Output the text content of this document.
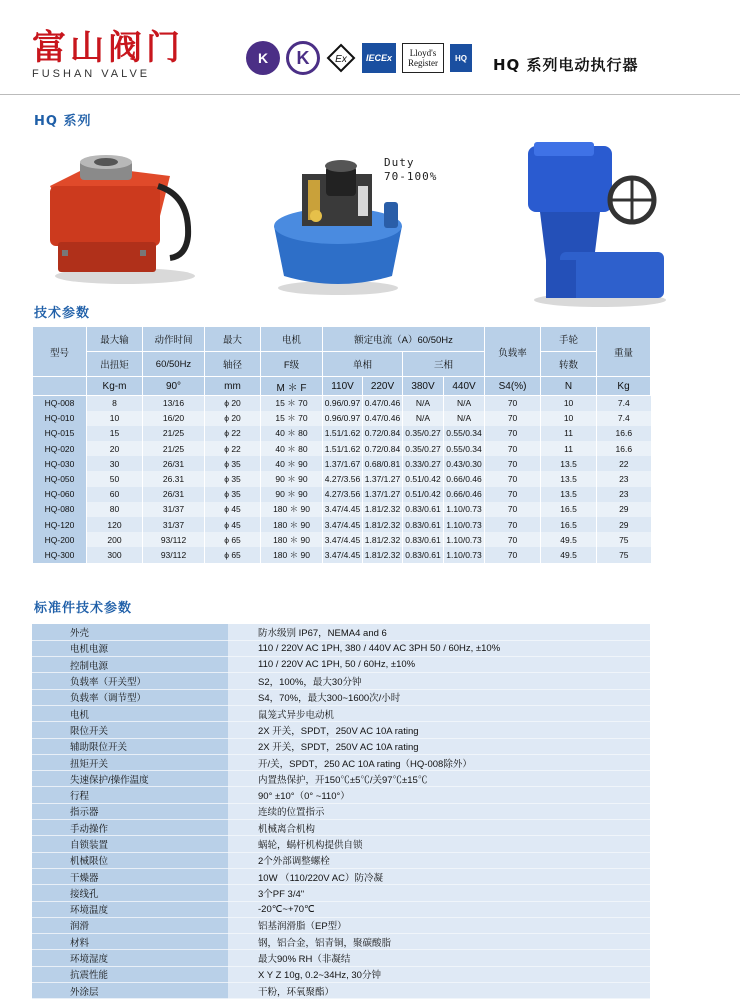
富山阀门
FUSHAN VALVE
K K	Ex	IECEx	Lloyd's
Register	HQ	HQ 系列电动执行器
HQ 系列
Duty
70-100%
技术参数
型号	最大输	动作时间	最大	电机	额定电流（A）60/50Hz				负载率	手轮	重量
	出扭矩	60/50Hz	轴径	F级	单相		三相			转数	
	Kg-m	90°	mm	M ＊ F	110V	220V	380V	440V	S4(%)	N	Kg
HQ-008	8	13/16	ϕ 20	15 ＊ 70	0.96/0.97	0.47/0.46	N/A	N/A	70	10	7.4
HQ-010	10	16/20	ϕ 20	15 ＊ 70	0.96/0.97	0.47/0.46	N/A	N/A	70	10	7.4
HQ-015	15	21/25	ϕ 22	40 ＊ 80	1.51/1.62	0.72/0.84	0.35/0.27	0.55/0.34	70	11	16.6
HQ-020	20	21/25	ϕ 22	40 ＊ 80	1.51/1.62	0.72/0.84	0.35/0.27	0.55/0.34	70	11	16.6
HQ-030	30	26/31	ϕ 35	40 ＊ 90	1.37/1.67	0.68/0.81	0.33/0.27	0.43/0.30	70	13.5	22
HQ-050	50	26.31	ϕ 35	90 ＊ 90	4.27/3.56	1.37/1.27	0.51/0.42	0.66/0.46	70	13.5	23
HQ-060	60	26/31	ϕ 35	90 ＊ 90	4.27/3.56	1.37/1.27	0.51/0.42	0.66/0.46	70	13.5	23
HQ-080	80	31/37	ϕ 45	180 ＊ 90	3.47/4.45	1.81/2.32	0.83/0.61	1.10/0.73	70	16.5	29
HQ-120	120	31/37	ϕ 45	180 ＊ 90	3.47/4.45	1.81/2.32	0.83/0.61	1.10/0.73	70	16.5	29
HQ-200	200	93/112	ϕ 65	180 ＊ 90	3.47/4.45	1.81/2.32	0.83/0.61	1.10/0.73	70	49.5	75
HQ-300	300	93/112	ϕ 65	180 ＊ 90	3.47/4.45	1.81/2.32	0.83/0.61	1.10/0.73	70	49.5	75
标准件技术参数
外壳	防水级别 IP67，NEMA4 and 6
电机电源	110 / 220V AC 1PH, 380 / 440V AC 3PH 50 / 60Hz, ±10%
控制电源	110 / 220V AC 1PH, 50 / 60Hz, ±10%
负载率（开关型）	S2，100%，最大30分钟
负载率（调节型）	S4，70%，最大300~1600次/小时
电机	鼠笼式异步电动机
限位开关	2X 开关，SPDT，250V AC 10A rating
辅助限位开关	2X 开关，SPDT，250V AC 10A rating
扭矩开关	开/关，SPDT，250 AC 10A rating（HQ-008除外）
失速保护/操作温度	内置热保护，开150℃±5℃/关97℃±15℃
行程	90° ±10°（0° ~110°）
指示器	连续的位置指示
手动操作	机械离合机构
自锁装置	蜗轮，蜗杆机构提供自锁
机械限位	2个外部调整螺栓
干燥器	10W （110/220V AC）防冷凝
接线孔	3个PF 3/4"
环境温度	-20℃~+70℃
润滑	铝基润滑脂（EP型）
材料	钢，铝合金，铝青铜，聚碳酸脂
环境湿度	最大90% RH（非凝结
抗震性能	X Y Z 10g, 0.2~34Hz, 30分钟
外涂层	干粉，环氧聚酯）
